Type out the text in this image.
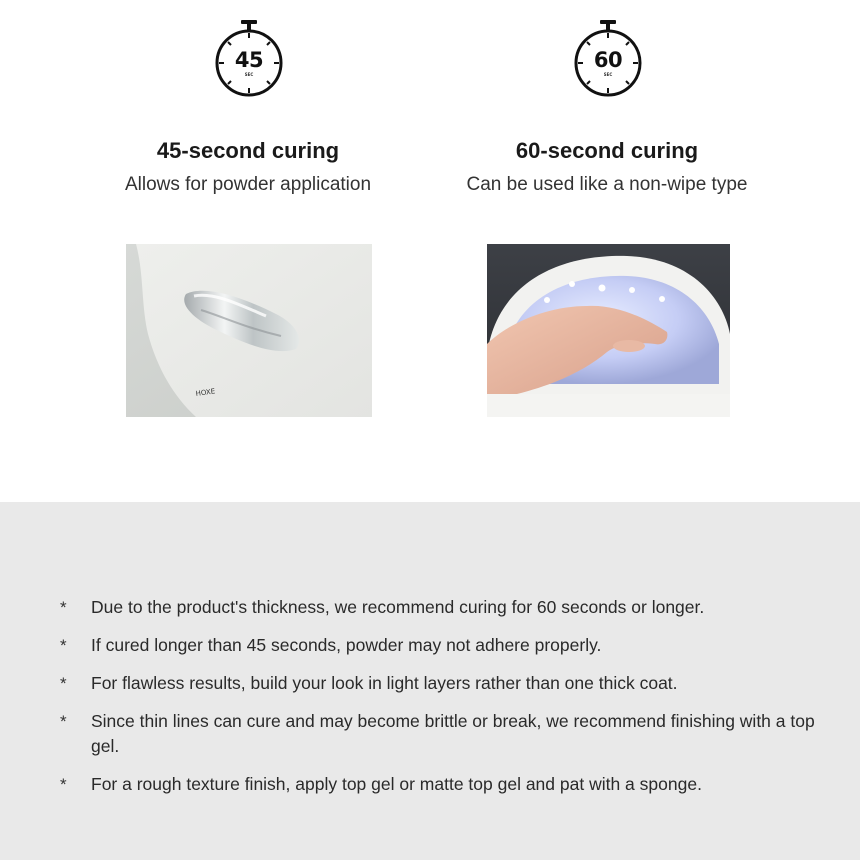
45
SEC
45-second curing
Allows for powder application
60
SEC
60-second curing
Can be used like a non-wipe type
HOXE
* Due to the product's thickness, we recommend curing for 60 seconds or longer.
* If cured longer than 45 seconds, powder may not adhere properly.
* For flawless results, build your look in light layers rather than one thick coat.
* Since thin lines can cure and may become brittle or break, we recommend finishing with a top gel.
* For a rough texture finish, apply top gel or matte top gel and pat with a sponge.
